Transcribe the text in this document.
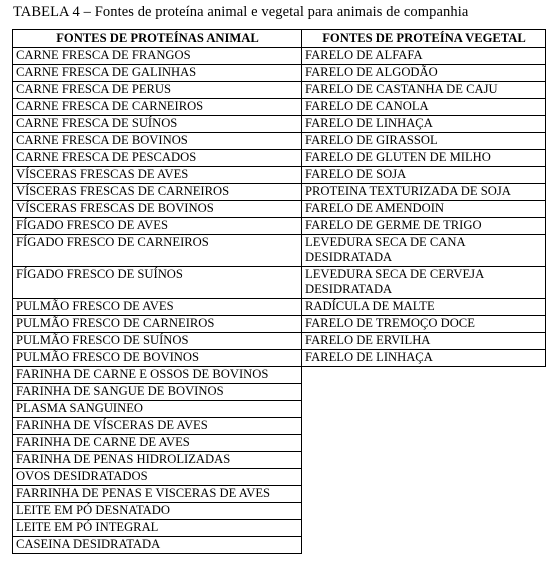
TABELA 4 – Fontes de proteína animal e vegetal para animais de companhia
FONTES DE PROTEÍNAS ANIMAL	FONTES DE PROTEÍNA VEGETAL
CARNE FRESCA DE FRANGOS	FARELO DE ALFAFA
CARNE FRESCA DE GALINHAS	FARELO DE ALGODÃO
CARNE FRESCA DE PERUS	FARELO DE CASTANHA DE CAJU
CARNE FRESCA DE CARNEIROS	FARELO DE CANOLA
CARNE FRESCA DE SUÍNOS	FARELO DE LINHAÇA
CARNE FRESCA DE BOVINOS	FARELO DE GIRASSOL
CARNE FRESCA DE PESCADOS	FARELO DE GLUTEN DE MILHO
VÍSCERAS FRESCAS DE AVES	FARELO DE SOJA
VÍSCERAS FRESCAS DE CARNEIROS	PROTEINA TEXTURIZADA DE SOJA
VÍSCERAS FRESCAS DE BOVINOS	FARELO DE AMENDOIN
FÍGADO FRESCO DE AVES	FARELO DE GERME DE TRIGO
FÍGADO FRESCO DE CARNEIROS	LEVEDURA SECA DE CANA DESIDRATADA
FÍGADO FRESCO DE SUÍNOS	LEVEDURA SECA DE CERVEJA DESIDRATADA
PULMÃO FRESCO DE AVES	RADÍCULA DE MALTE
PULMÃO FRESCO DE CARNEIROS	FARELO DE TREMOÇO DOCE
PULMÃO FRESCO DE SUÍNOS	FARELO DE ERVILHA
PULMÃO FRESCO DE BOVINOS	FARELO DE LINHAÇA
FARINHA DE CARNE E OSSOS DE BOVINOS	
FARINHA DE SANGUE DE BOVINOS	
PLASMA SANGUINEO	
FARINHA DE VÍSCERAS DE AVES	
FARINHA DE CARNE DE AVES	
FARINHA DE PENAS HIDROLIZADAS	
OVOS DESIDRATADOS	
FARRINHA DE PENAS E VISCERAS DE AVES	
LEITE EM PÓ DESNATADO	
LEITE EM PÓ INTEGRAL	
CASEINA DESIDRATADA	
